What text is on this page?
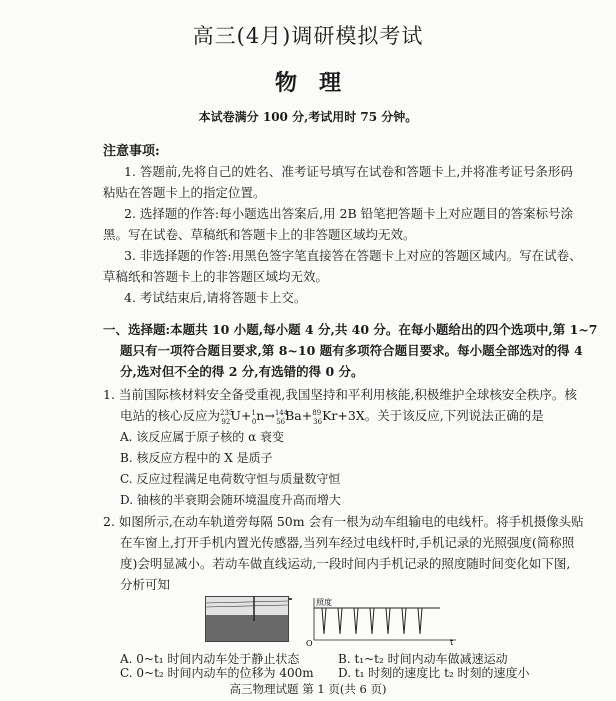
高三(4月)调研模拟考试
物理
本试卷满分 100 分,考试用时 75 分钟。
注意事项:
1. 答题前,先将自己的姓名、准考证号填写在试卷和答题卡上,并将准考证号条形码
粘贴在答题卡上的指定位置。
2. 选择题的作答:每小题选出答案后,用 2B 铅笔把答题卡上对应题目的答案标号涂
黑。写在试卷、草稿纸和答题卡上的非答题区域均无效。
3. 非选择题的作答:用黑色签字笔直接答在答题卡上对应的答题区域内。写在试卷、
草稿纸和答题卡上的非答题区域均无效。
4. 考试结束后,请将答题卡上交。
一、选择题:本题共 10 小题,每小题 4 分,共 40 分。在每小题给出的四个选项中,第 1~7
题只有一项符合题目要求,第 8~10 题有多项符合题目要求。每小题全部选对的得 4
分,选对但不全的得 2 分,有选错的得 0 分。
1. 当前国际核材料安全备受重视,我国坚持和平利用核能,积极维护全球核安全秩序。核
电站的核心反应为$^{235}_{92}$U+$^1_0$n→$^{144}_{56}$Ba+$^{89}_{36}$Kr+3X。关于该反应,下列说法正确的是
A. 该反应属于原子核的 α 衰变
B. 核反应方程中的 X 是质子
C. 反应过程满足电荷数守恒与质量数守恒
D. 铀核的半衰期会随环境温度升高而增大
2. 如图所示,在动车轨道旁每隔 50m 会有一根为动车组输电的电线杆。将手机摄像头贴
在车窗上,打开手机内置光传感器,当列车经过电线杆时,手机记录的光照强度(简称照
度)会明显减小。若动车做直线运动,一段时间内手机记录的照度随时间变化如下图,
分析可知
照度
O	t
A. 0~t₁ 时间内动车处于静止状态	B. t₁~t₂ 时间内动车做减速运动
C. 0~t₂ 时间内动车的位移为 400m D. t₁ 时刻的速度比 t₂ 时刻的速度小
高三物理试题 第 1 页(共 6 页)
